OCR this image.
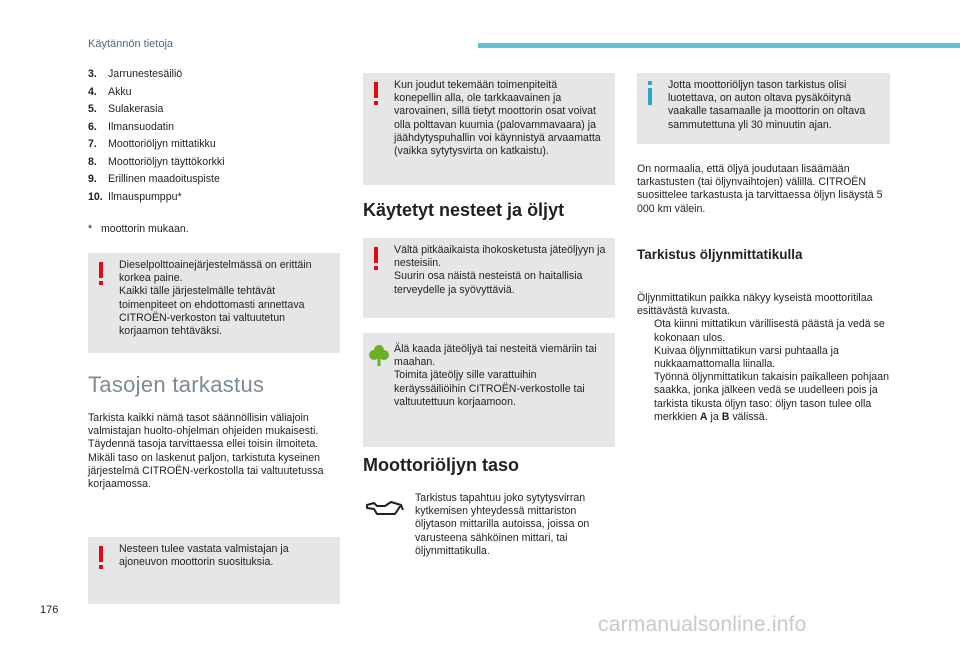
Käytännön tietoja
3. Jarrunestesäiliö
4. Akku
5. Sulakerasia
6. Ilmansuodatin
7. Moottoriöljyn mittatikku
8. Moottoriöljyn täyttökorkki
9. Erillinen maadoituspiste
10. Ilmauspumppu*
*   moottorin mukaan.

Dieselpolttoainejärjestelmässä on erittäin korkea paine.

Kaikki tälle järjestelmälle tehtävät toimenpiteet on ehdottomasti annettava CITROËN-verkoston tai valtuutetun korjaamon tehtäväksi.

Tasojen tarkastus

Tarkista kaikki nämä tasot säännöllisin väliajoin valmistajan huolto-ohjelman ohjeiden mukaisesti. Täydennä tasoja tarvittaessa ellei toisin ilmoiteta.

Mikäli taso on laskenut paljon, tarkistuta kyseinen järjestelmä CITROËN-verkostolla tai valtuutetussa korjaamossa.

Nesteen tulee vastata valmistajan ja ajoneuvon moottorin suosituksia.

Kun joudut tekemään toimenpiteitä konepellin alla, ole tarkkaavainen ja varovainen, sillä tietyt moottorin osat voivat olla polttavan kuumia (palovammavaara) ja jäähdytyspuhallin voi käynnistyä arvaamatta (vaikka sytytysvirta on katkaistu).

Käytetyt nesteet ja öljyt

Vältä pitkäaikaista ihokosketusta jäteöljyyn ja nesteisiin.

Suurin osa näistä nesteistä on haitallisia terveydelle ja syövyttäviä.

Älä kaada jäteöljyä tai nesteitä viemäriin tai maahan.

Toimita jäteöljy sille varattuihin keräyssäiliöihin CITROËN-verkostolle tai valtuutettuun korjaamoon.

Moottoriöljyn taso

Tarkistus tapahtuu joko sytytysvirran kytkemisen yhteydessä mittariston öljytason mittarilla autoissa, joissa on varusteena sähköinen mittari, tai öljynmittatikulla.

Jotta moottoriöljyn tason tarkistus olisi luotettava, on auton oltava pysäköitynä vaakalle tasamaalle ja moottorin on oltava sammutettuna yli 30 minuutin ajan.

On normaalia, että öljyä joudutaan lisäämään tarkastusten (tai öljynvaihtojen) välillä. CITROËN suosittelee tarkastusta ja tarvittaessa öljyn lisäystä 5 000 km välein.

Tarkistus öljynmittatikulla

Öljynmittatikun paikka näkyy kyseistä moottoritilaa esittävästä kuvasta.

Ota kiinni mittatikun värillisestä päästä ja vedä se kokonaan ulos.
Kuivaa öljynmittatikun varsi puhtaalla ja nukkaamattomalla liinalla.
Työnnä öljynmittatikun takaisin paikalleen pohjaan saakka, jonka jälkeen vedä se uudelleen pois ja tarkista tikusta öljyn taso: öljyn tason tulee olla merkkien A ja B välissä.
176
carmanualsonline.info
